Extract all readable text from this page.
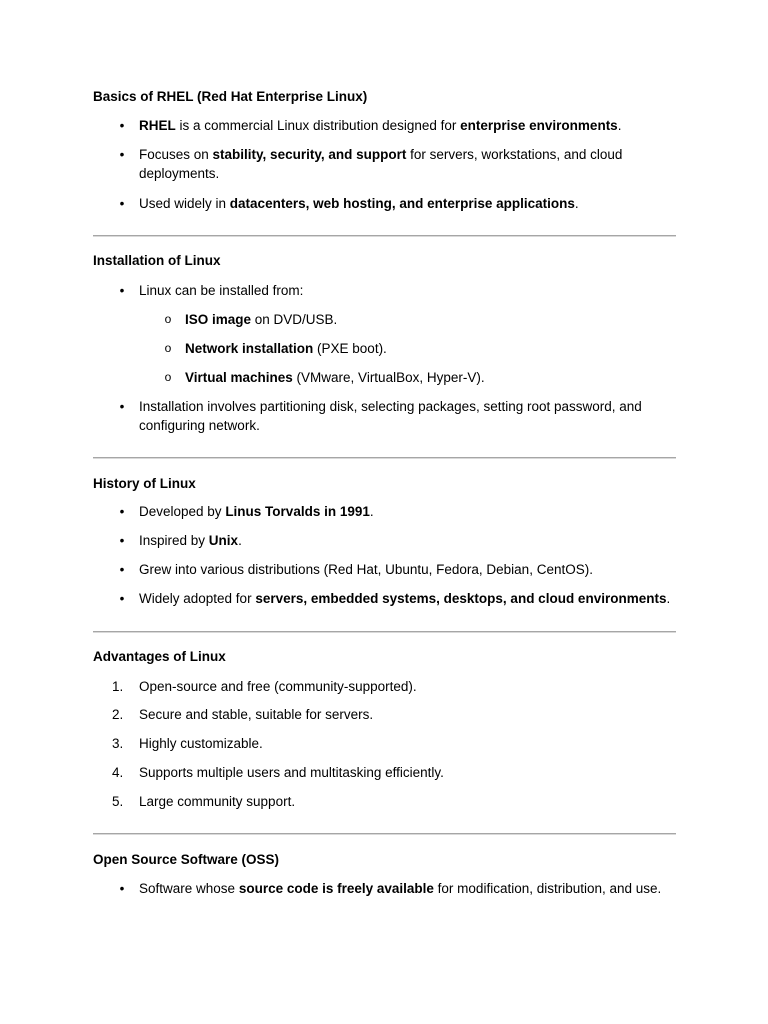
Basics of RHEL (Red Hat Enterprise Linux)
• RHEL is a commercial Linux distribution designed for enterprise environments.
• Focuses on stability, security, and support for servers, workstations, and cloud deployments.
• Used widely in datacenters, web hosting, and enterprise applications.
Installation of Linux
• Linux can be installed from:
o ISO image on DVD/USB.
o Network installation (PXE boot).
o Virtual machines (VMware, VirtualBox, Hyper-V).
• Installation involves partitioning disk, selecting packages, setting root password, and configuring network.
History of Linux
• Developed by Linus Torvalds in 1991.
• Inspired by Unix.
• Grew into various distributions (Red Hat, Ubuntu, Fedora, Debian, CentOS).
• Widely adopted for servers, embedded systems, desktops, and cloud environments.
Advantages of Linux
1.	Open-source and free (community-supported).
2.	Secure and stable, suitable for servers.
3.	Highly customizable.
4.	Supports multiple users and multitasking efficiently.
5.	Large community support.
Open Source Software (OSS)
• Software whose source code is freely available for modification, distribution, and use.
